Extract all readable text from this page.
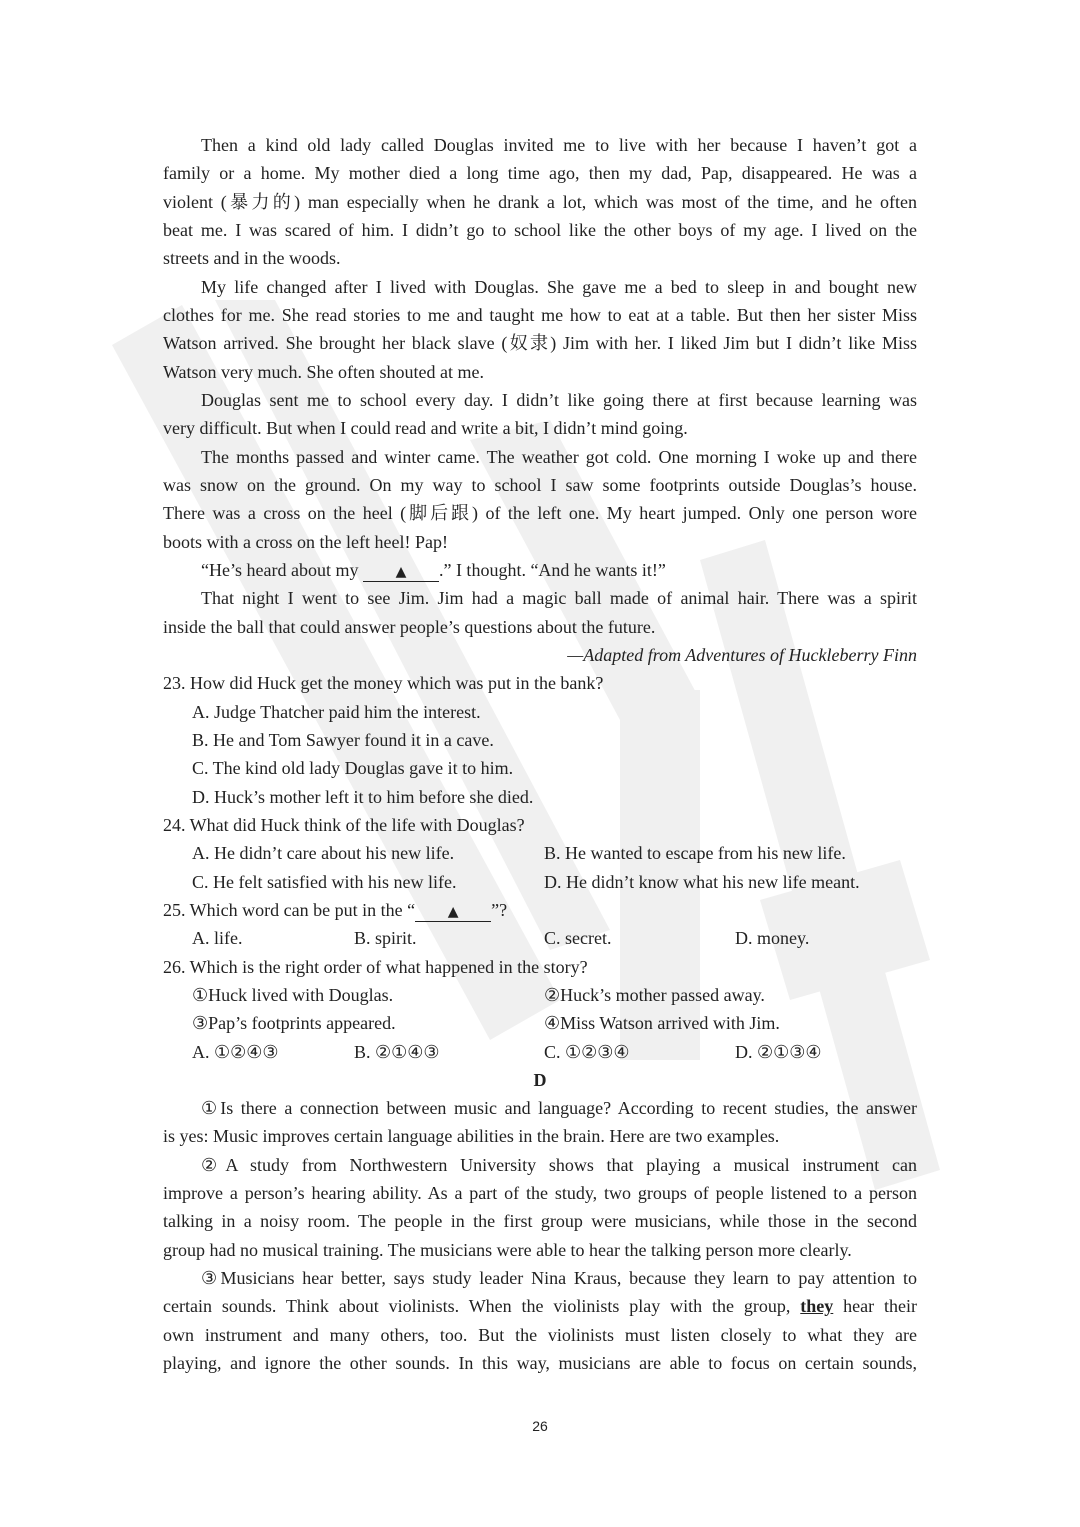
Then a kind old lady called Douglas invited me to live with her because I haven’t got a
family or a home. My mother died a long time ago, then my dad, Pap, disappeared. He was a
violent (暴力的) man especially when he drank a lot, which was most of the time, and he often
beat me. I was scared of him. I didn’t go to school like the other boys of my age. I lived on the
streets and in the woods.
My life changed after I lived with Douglas. She gave me a bed to sleep in and bought new
clothes for me. She read stories to me and taught me how to eat at a table. But then her sister Miss
Watson arrived. She brought her black slave (奴隶) Jim with her. I liked Jim but I didn’t like Miss
Watson very much. She often shouted at me.
Douglas sent me to school every day. I didn’t like going there at first because learning was
very difficult. But when I could read and write a bit, I didn’t mind going.
The months passed and winter came. The weather got cold. One morning I woke up and there
was snow on the ground. On my way to school I saw some footprints outside Douglas’s house.
There was a cross on the heel (脚后跟) of the left one. My heart jumped. Only one person wore
boots with a cross on the left heel! Pap!
“He’s heard about my ▲ .” I thought. “And he wants it!”
That night I went to see Jim. Jim had a magic ball made of animal hair. There was a spirit
inside the ball that could answer people’s questions about the future.
—Adapted from Adventures of Huckleberry Finn
23. How did Huck get the money which was put in the bank?
A. Judge Thatcher paid him the interest.
B. He and Tom Sawyer found it in a cave.
C. The kind old lady Douglas gave it to him.
D. Huck’s mother left it to him before she died.
24. What did Huck think of the life with Douglas?
A. He didn’t care about his new life.	B. He wanted to escape from his new life.
C. He felt satisfied with his new life.	D. He didn’t know what his new life meant.
25. Which word can be put in the “ ▲ ”?
A. life.	B. spirit.	C. secret.	D. money.
26. Which is the right order of what happened in the story?
①Huck lived with Douglas.	②Huck’s mother passed away.
③Pap’s footprints appeared.	④Miss Watson arrived with Jim.
A. ①②④③	B. ②①④③	C. ①②③④	D. ②①③④
D
①Is there a connection between music and language? According to recent studies, the answer
is yes: Music improves certain language abilities in the brain. Here are two examples.
②A study from Northwestern University shows that playing a musical instrument can
improve a person’s hearing ability. As a part of the study, two groups of people listened to a person
talking in a noisy room. The people in the first group were musicians, while those in the second
group had no musical training. The musicians were able to hear the talking person more clearly.
③Musicians hear better, says study leader Nina Kraus, because they learn to pay attention to
certain sounds. Think about violinists. When the violinists play with the group, they hear their
own instrument and many others, too. But the violinists must listen closely to what they are
playing, and ignore the other sounds. In this way, musicians are able to focus on certain sounds,
26
